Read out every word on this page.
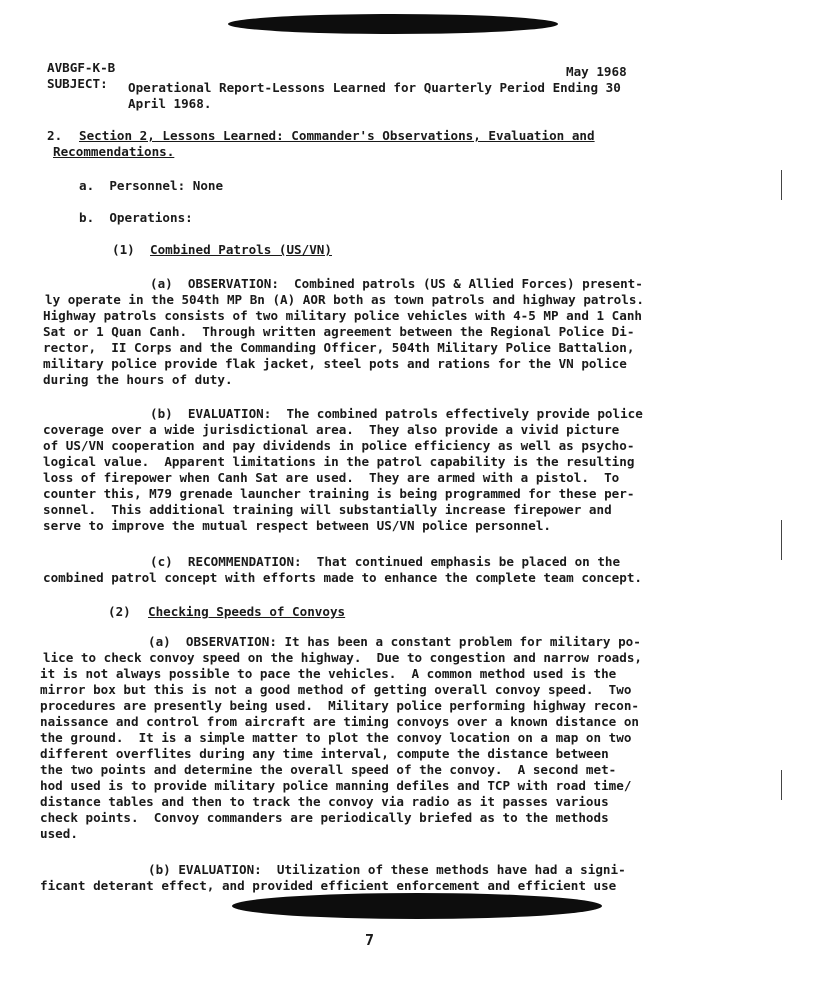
AVBGF-K-B	May 1968
SUBJECT: Operational Report-Lessons Learned for Quarterly Period Ending 30
April 1968.
2. Section 2, Lessons Learned: Commander's Observations, Evaluation and
Recommendations.
a.  Personnel: None
b.  Operations:
(1) Combined Patrols (US/VN)
(a)  OBSERVATION:  Combined patrols (US & Allied Forces) present-
ly operate in the 504th MP Bn (A) AOR both as town patrols and highway patrols.
Highway patrols consists of two military police vehicles with 4-5 MP and 1 Canh
Sat or 1 Quan Canh.  Through written agreement between the Regional Police Di-
rector,  II Corps and the Commanding Officer, 504th Military Police Battalion,
military police provide flak jacket, steel pots and rations for the VN police
during the hours of duty.
(b)  EVALUATION:  The combined patrols effectively provide police
coverage over a wide jurisdictional area.  They also provide a vivid picture
of US/VN cooperation and pay dividends in police efficiency as well as psycho-
logical value.  Apparent limitations in the patrol capability is the resulting
loss of firepower when Canh Sat are used.  They are armed with a pistol.  To
counter this, M79 grenade launcher training is being programmed for these per-
sonnel.  This additional training will substantially increase firepower and
serve to improve the mutual respect between US/VN police personnel.
(c)  RECOMMENDATION:  That continued emphasis be placed on the
combined patrol concept with efforts made to enhance the complete team concept.
(2) Checking Speeds of Convoys
(a)  OBSERVATION: It has been a constant problem for military po-
lice to check convoy speed on the highway.  Due to congestion and narrow roads,
it is not always possible to pace the vehicles.  A common method used is the
mirror box but this is not a good method of getting overall convoy speed.  Two
procedures are presently being used.  Military police performing highway recon-
naissance and control from aircraft are timing convoys over a known distance on
the ground.  It is a simple matter to plot the convoy location on a map on two
different overflites during any time interval, compute the distance between
the two points and determine the overall speed of the convoy.  A second met-
hod used is to provide military police manning defiles and TCP with road time/
distance tables and then to track the convoy via radio as it passes various
check points.  Convoy commanders are periodically briefed as to the methods
used.
(b) EVALUATION:  Utilization of these methods have had a signi-
ficant deterant effect, and provided efficient enforcement and efficient use
7
